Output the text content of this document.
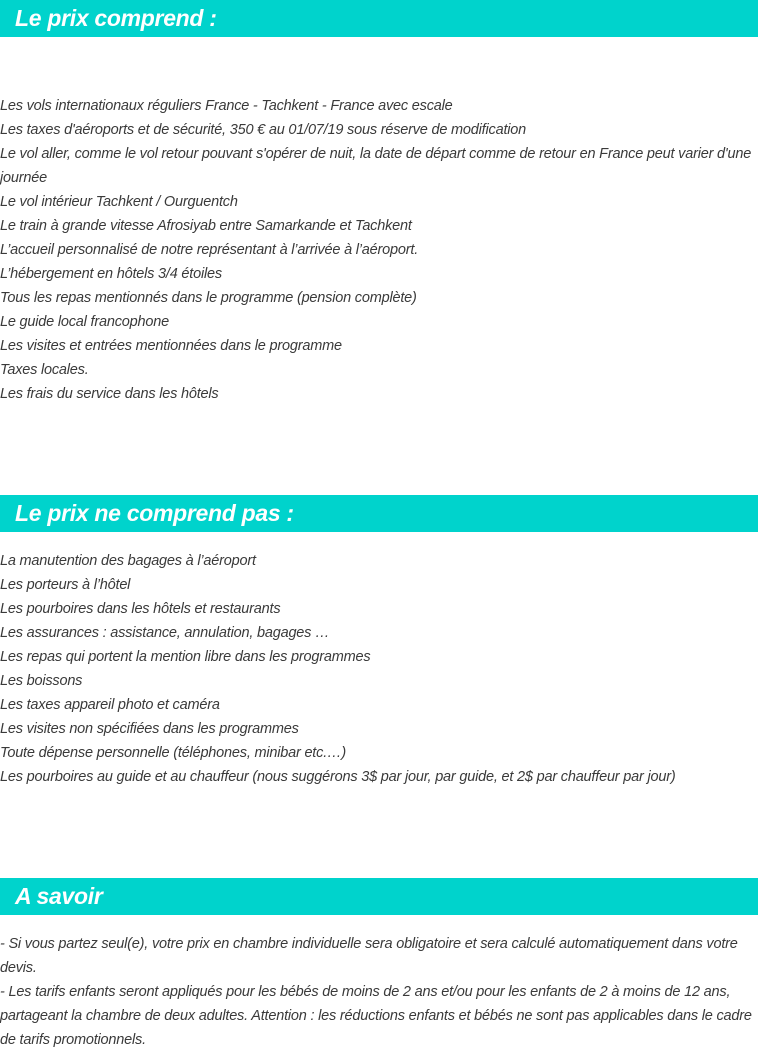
Le prix comprend :
Les vols internationaux réguliers France - Tachkent - France avec escale
Les taxes d'aéroports et de sécurité, 350 € au 01/07/19 sous réserve de modification
Le vol aller, comme le vol retour pouvant s'opérer de nuit, la date de départ comme de retour en France peut varier d'une journée
Le vol intérieur Tachkent / Ourguentch
Le train à grande vitesse Afrosiyab entre Samarkande et Tachkent
L’accueil personnalisé de notre représentant à l’arrivée à l’aéroport.
L’hébergement en hôtels 3/4 étoiles
Tous les repas mentionnés dans le programme (pension complète)
Le guide local francophone
Les visites et entrées mentionnées dans le programme
Taxes locales.
Les frais du service dans les hôtels
Le prix ne comprend pas :
La manutention des bagages à l’aéroport
Les porteurs à l’hôtel
Les pourboires dans les hôtels et restaurants
Les assurances : assistance, annulation, bagages …
Les repas qui portent la mention libre dans les programmes
Les boissons
Les taxes appareil photo et caméra
Les visites non spécifiées dans les programmes
Toute dépense personnelle (téléphones, minibar etc.…)
Les pourboires au guide et au chauffeur (nous suggérons 3$ par jour, par guide, et 2$ par chauffeur par jour)
A savoir

- Si vous partez seul(e), votre prix en chambre individuelle sera obligatoire et sera calculé automatiquement dans votre devis.

- Les tarifs enfants seront appliqués pour les bébés de moins de 2 ans et/ou pour les enfants de 2 à moins de 12 ans, partageant la chambre de deux adultes. Attention : les réductions enfants et bébés ne sont pas applicables dans le cadre de tarifs promotionnels.
